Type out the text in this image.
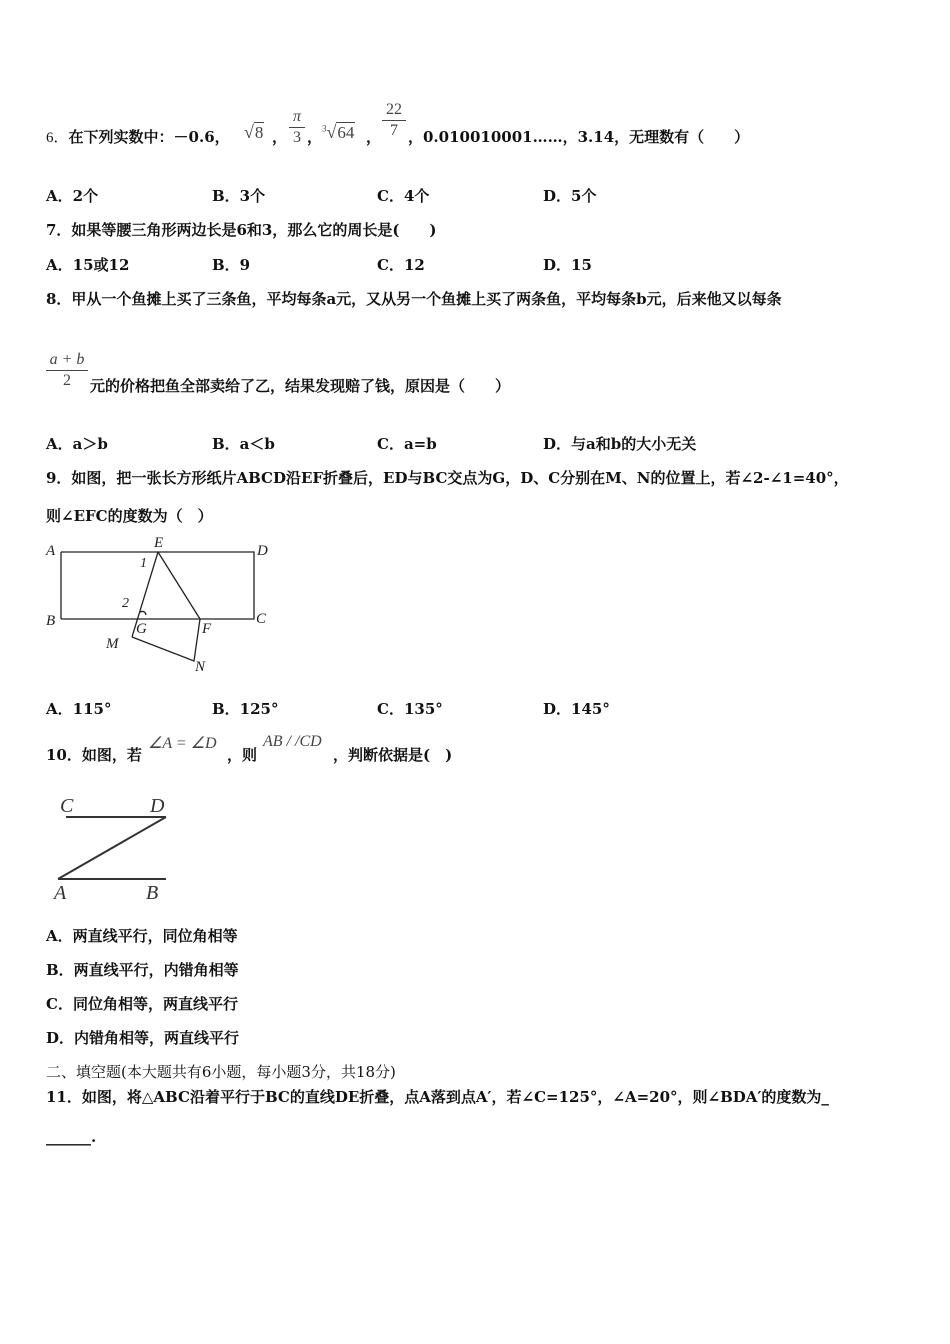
6．在下列实数中：－0.6， √8 ，
π
3 ， $^3$√64 ，
22
7 ，0.010010001……，3.14，无理数有（　　）
A．2个	B．3个	C．4个	D．5个
7．如果等腰三角形两边长是6和3，那么它的周长是(　　)
A．15或12	B．9	C．12	D．15
8．甲从一个鱼摊上买了三条鱼，平均每条a元，又从另一个鱼摊上买了两条鱼，平均每条b元，后来他又以每条
a + b
2	元的价格把鱼全部卖给了乙，结果发现赔了钱，原因是（　　）
A．a＞b	B．a＜b	C．a=b	D．与a和b的大小无关
9．如图，把一张长方形纸片ABCD沿EF折叠后，ED与BC交点为G，D、C分别在M、N的位置上，若∠2-∠1=40°，
则∠EFC的度数为（　）
A	D
E
1
2
B	C
G	F
M
N
A．115°	B．125°	C．135°	D．145°
10．如图，若
∠A = ∠D
，则
AB / /CD
，判断依据是(　)
C	D
A	B
A．两直线平行，同位角相等
B．两直线平行，内错角相等
C．同位角相等，两直线平行
D．内错角相等，两直线平行
二、填空题(本大题共有6小题，每小题3分，共18分)
11．如图，将△ABC沿着平行于BC的直线DE折叠，点A落到点A′，若∠C=125°，∠A=20°，则∠BDA′的度数为_
______.
